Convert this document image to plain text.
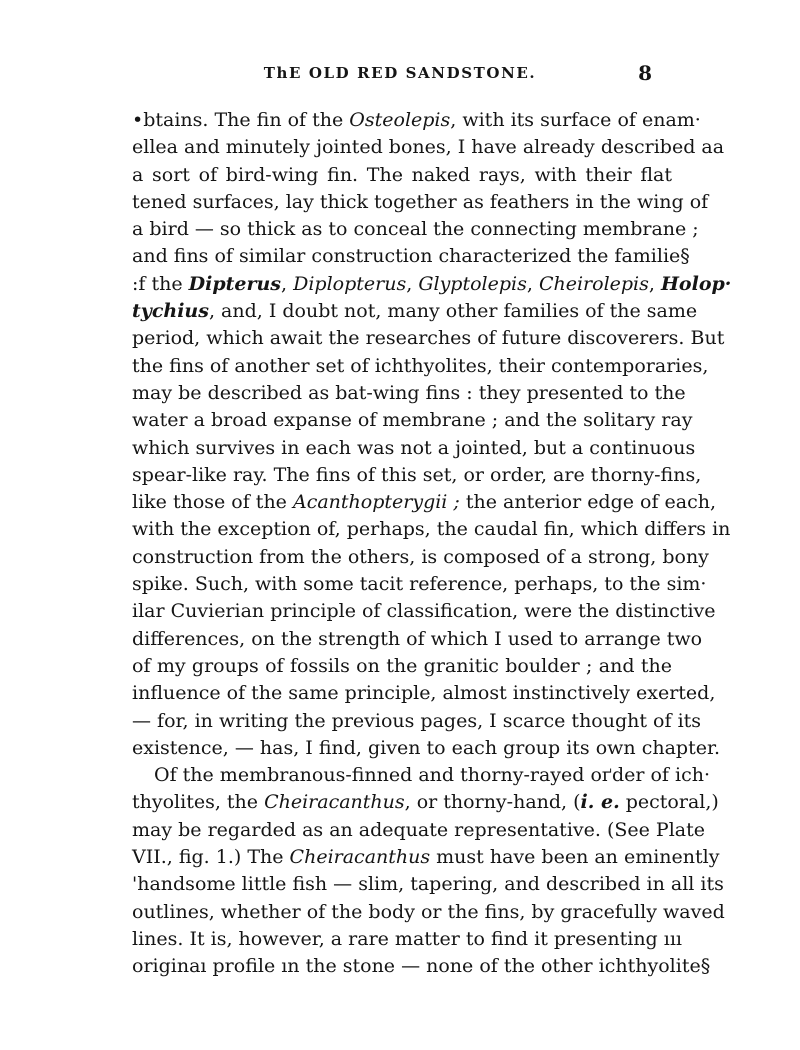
ThE OLD RED SANDSTONE.	8
•btains. The fin of the Osteolepis, with its surface of enam·
ellea and minutely jointed bones, I have already described aa
a sort of bird-wing fin. The naked rays, with their flat
tened surfaces, lay thick together as feathers in the wing of
a bird — so thick as to conceal the connecting membrane ;
and fins of similar construction characterized the familie§
:f the Dipterus, Diplopterus, Glyptolepis, Cheirolepis, Holop·
tychius, and, I doubt not, many other families of the same
period, which await the researches of future discoverers. But
the fins of another set of ichthyolites, their contemporaries,
may be described as bat-wing fins : they presented to the
water a broad expanse of membrane ; and the solitary ray
which survives in each was not a jointed, but a continuous
spear-like ray. The fins of this set, or order, are thorny-fins,
like those of the Acanthopterygii ; the anterior edge of each,
with the exception of, perhaps, the caudal fin, which differs in
construction from the others, is composed of a strong, bony
spike. Such, with some tacit reference, perhaps, to the sim·
ilar Cuvierian principle of classification, were the distinctive
differences, on the strength of which I used to arrange two
of my groups of fossils on the granitic boulder ; and the
influence of the same principle, almost instinctively exerted,
— for, in writing the previous pages, I scarce thought of its
existence, — has, I find, given to each group its own chapter.
Of the membranous-finned and thorny-rayed oґder of ich·
thyolites, the Cheiracanthus, or thorny-hand, (i. e. pectoral,)
may be regarded as an adequate representative. (See Plate
VII., fig. 1.) The Cheiracanthus must have been an eminently
'handsome little fish — slim, tapering, and described in all its
outlines, whether of the body or the fins, by gracefully waved
lines. It is, however, a rare matter to find it presenting ııı
originaı profile ın the stone — none of the other ichthyolite§
